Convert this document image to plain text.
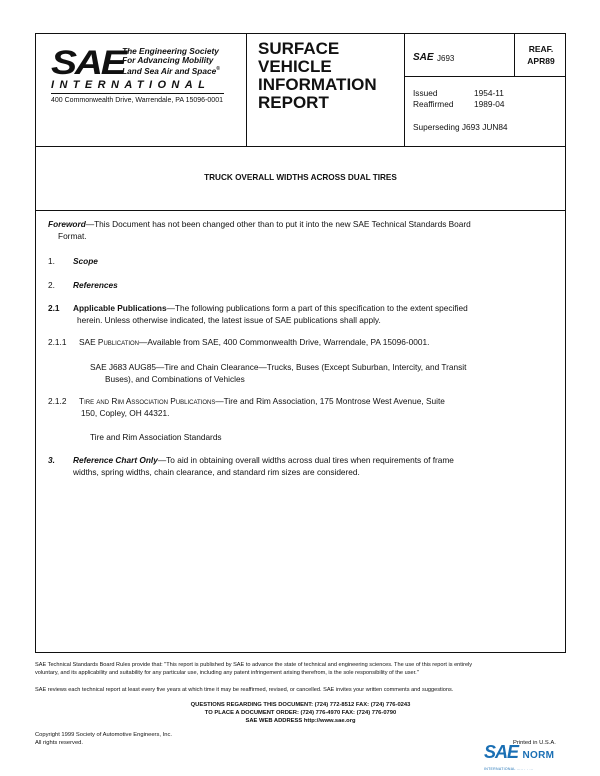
SAE
The Engineering Society
For Advancing Mobility
Land Sea Air and Space®
INTERNATIONAL
400 Commonwealth Drive, Warrendale, PA 15096-0001
SURFACE
VEHICLE
INFORMATION
REPORT
SAE J693
REAF.
APR89
Issued	1954-11
Reaffirmed 1989-04
Superseding J693 JUN84
TRUCK OVERALL WIDTHS ACROSS DUAL TIRES
Foreword—This Document has not been changed other than to put it into the new SAE Technical Standards Board
Format.
1. Scope
2. References
2.1 Applicable Publications—The following publications form a part of this specification to the extent specified
herein. Unless otherwise indicated, the latest issue of SAE publications shall apply.
2.1.1 SAE Publication—Available from SAE, 400 Commonwealth Drive, Warrendale, PA 15096-0001.
SAE J683 AUG85—Tire and Chain Clearance—Trucks, Buses (Except Suburban, Intercity, and Transit
Buses), and Combinations of Vehicles
2.1.2 Tire and Rim Association Publications—Tire and Rim Association, 175 Montrose West Avenue, Suite
150, Copley, OH 44321.
Tire and Rim Association Standards
3. Reference Chart Only—To aid in obtaining overall widths across dual tires when requirements of frame
widths, spring widths, chain clearance, and standard rim sizes are considered.
SAE Technical Standards Board Rules provide that: "This report is published by SAE to advance the state of technical and engineering sciences. The use of this report is entirely
voluntary, and its applicability and suitability for any particular use, including any patent infringement arising therefrom, is the sole responsibility of the user."
SAE reviews each technical report at least every five years at which time it may be reaffirmed, revised, or cancelled. SAE invites your written comments and suggestions.
QUESTIONS REGARDING THIS DOCUMENT: (724) 772-8512 FAX: (724) 776-0243
TO PLACE A DOCUMENT ORDER: (724) 776-4970 FAX: (724) 776-0790
SAE WEB ADDRESS http://www.sae.org
Copyright 1999 Society of Automotive Engineers, Inc.
All rights reserved.	Printed in U.S.A.
SAE NORM
INTERNATIONAL ..... . . ...
